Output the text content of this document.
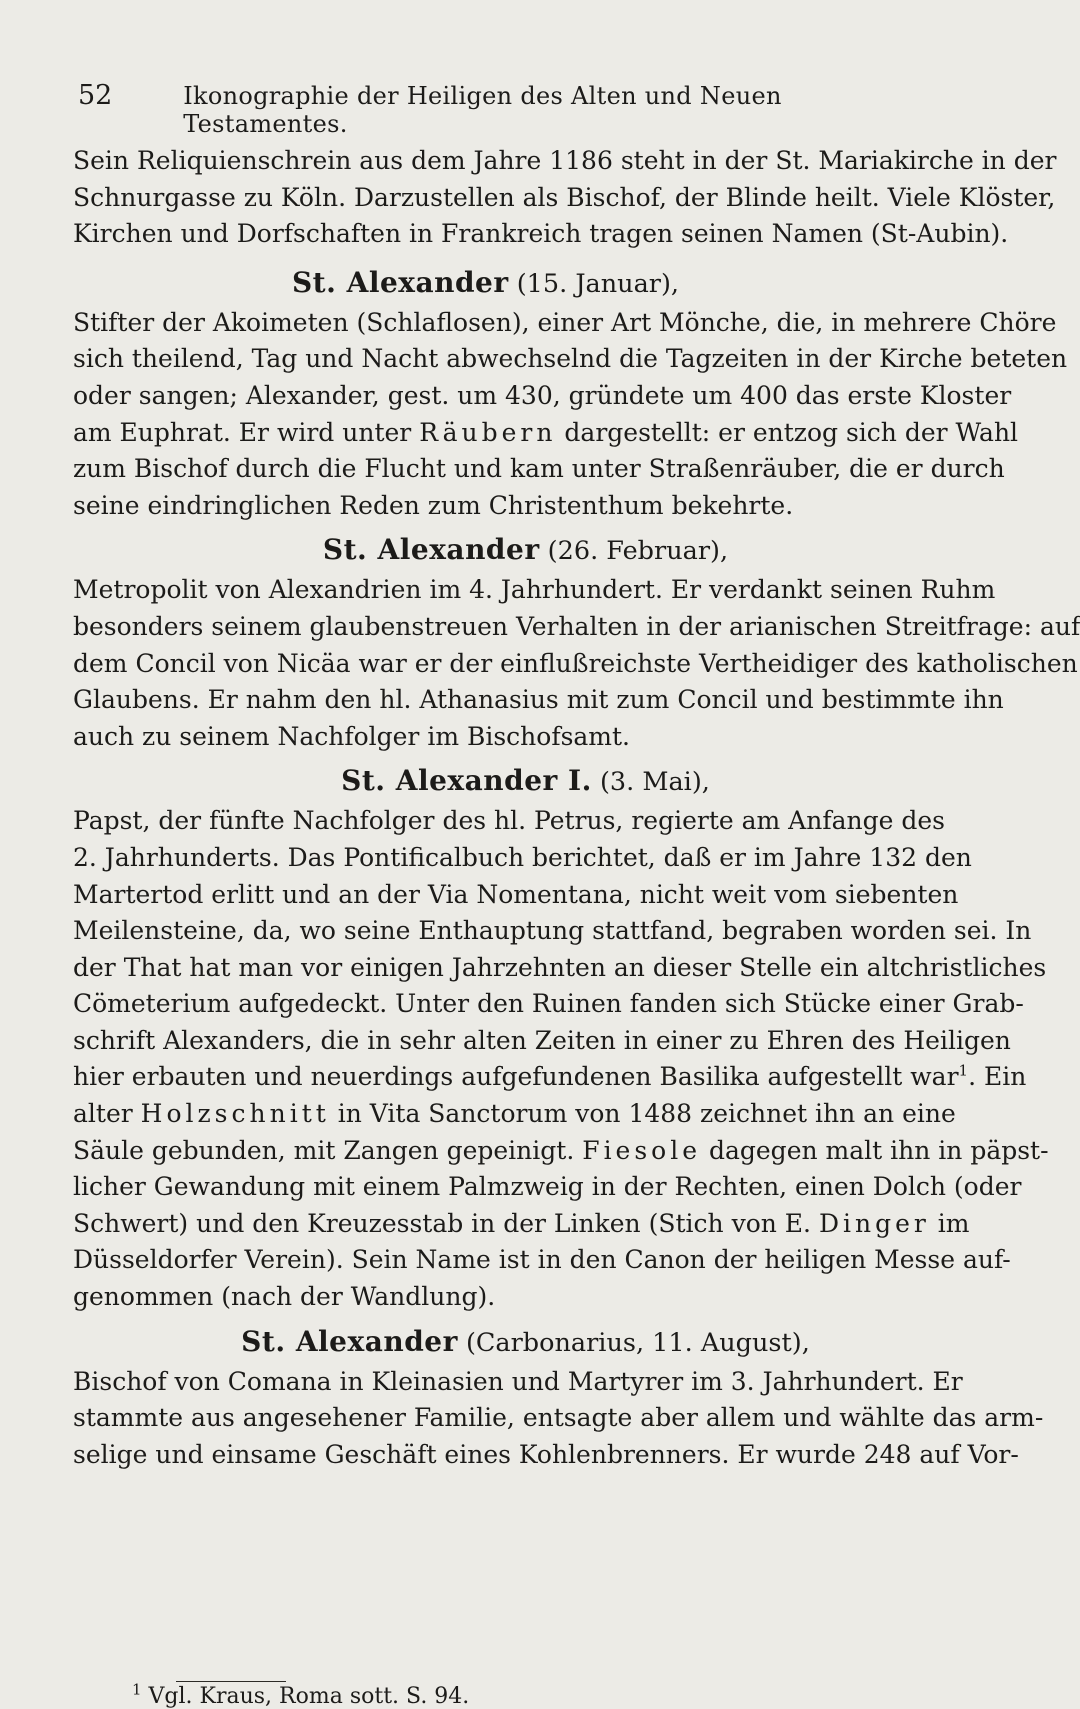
52	Ikonographie der Heiligen des Alten und Neuen Testamentes.
Sein Reliquienschrein aus dem Jahre 1186 steht in der St. Mariakirche in der
Schnurgasse zu Köln. Darzustellen als Bischof, der Blinde heilt. Viele Klöster,
Kirchen und Dorfschaften in Frankreich tragen seinen Namen (St-Aubin).
St. Alexander (15. Januar),
Stifter der Akoimeten (Schlaflosen), einer Art Mönche, die, in mehrere Chöre
sich theilend, Tag und Nacht abwechselnd die Tagzeiten in der Kirche beteten
oder sangen; Alexander, gest. um 430, gründete um 400 das erste Kloster
am Euphrat. Er wird unter Räubern dargestellt: er entzog sich der Wahl
zum Bischof durch die Flucht und kam unter Straßenräuber, die er durch
seine eindringlichen Reden zum Christenthum bekehrte.
St. Alexander (26. Februar),
Metropolit von Alexandrien im 4. Jahrhundert. Er verdankt seinen Ruhm
besonders seinem glaubenstreuen Verhalten in der arianischen Streitfrage: auf
dem Concil von Nicäa war er der einflußreichste Vertheidiger des katholischen
Glaubens. Er nahm den hl. Athanasius mit zum Concil und bestimmte ihn
auch zu seinem Nachfolger im Bischofsamt.
St. Alexander I. (3. Mai),
Papst, der fünfte Nachfolger des hl. Petrus, regierte am Anfange des
2. Jahrhunderts. Das Pontificalbuch berichtet, daß er im Jahre 132 den
Martertod erlitt und an der Via Nomentana, nicht weit vom siebenten
Meilensteine, da, wo seine Enthauptung stattfand, begraben worden sei. In
der That hat man vor einigen Jahrzehnten an dieser Stelle ein altchristliches
Cömeterium aufgedeckt. Unter den Ruinen fanden sich Stücke einer Grab-
schrift Alexanders, die in sehr alten Zeiten in einer zu Ehren des Heiligen
hier erbauten und neuerdings aufgefundenen Basilika aufgestellt war$^1$. Ein
alter Holzschnitt in Vita Sanctorum von 1488 zeichnet ihn an eine
Säule gebunden, mit Zangen gepeinigt. Fiesole dagegen malt ihn in päpst-
licher Gewandung mit einem Palmzweig in der Rechten, einen Dolch (oder
Schwert) und den Kreuzesstab in der Linken (Stich von E. Dinger im
Düsseldorfer Verein). Sein Name ist in den Canon der heiligen Messe auf-
genommen (nach der Wandlung).
St. Alexander (Carbonarius, 11. August),
Bischof von Comana in Kleinasien und Martyrer im 3. Jahrhundert. Er
stammte aus angesehener Familie, entsagte aber allem und wählte das arm-
selige und einsame Geschäft eines Kohlenbrenners. Er wurde 248 auf Vor-
$^1$ Vgl. Kraus, Roma sott. S. 94.
